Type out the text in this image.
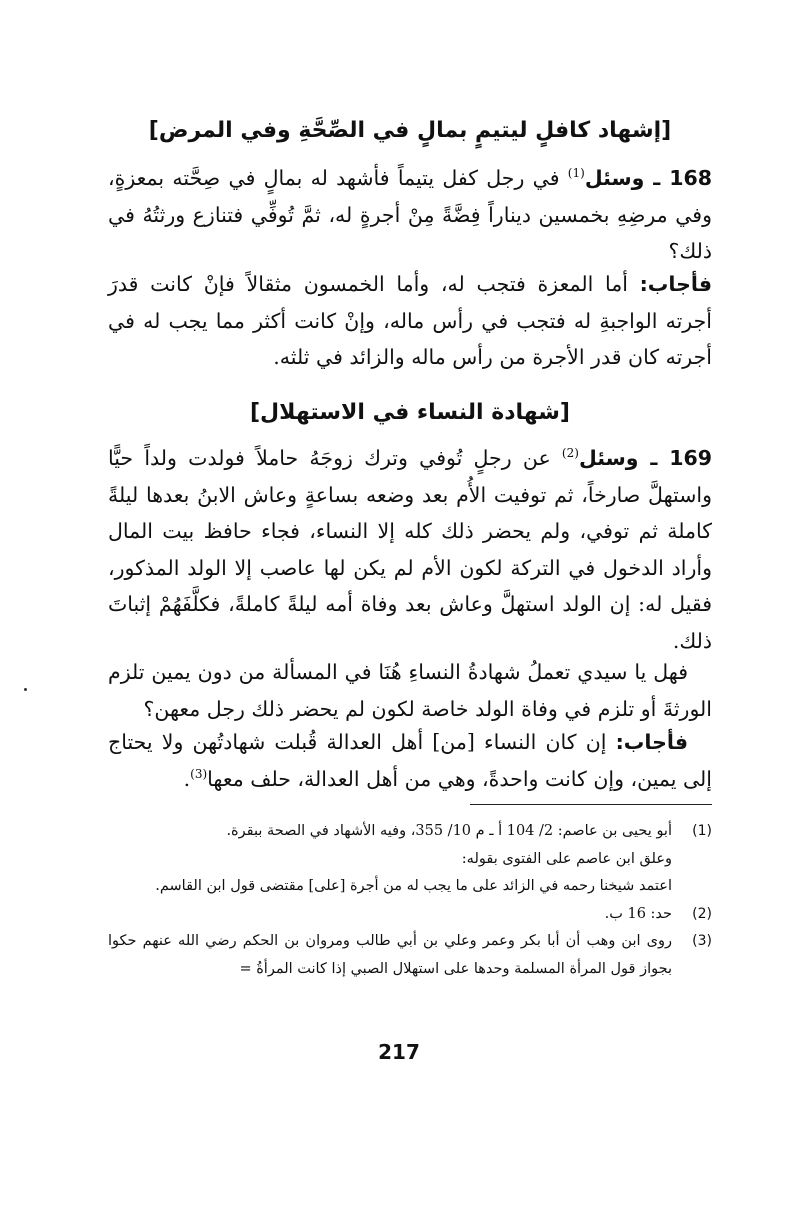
[إشهاد كافلٍ ليتيمٍ بمالٍ في الصِّحَّةِ وفي المرض]

168 ـ وسئل$^{(1)}$ في رجل كفل يتيماً فأشهد له بمالٍ في صِحَّته بمعزةٍ، وفي مرضِهِ بخمسين ديناراً فِضَّةً مِنْ أجرةٍ له، ثمَّ تُوفِّي فتنازع ورثتُهُ في ذلك؟

فأجاب: أما المعزة فتجب له، وأما الخمسون مثقالاً فإنْ كانت قدرَ أجرته الواجبةِ له فتجب في رأس ماله، وإنْ كانت أكثر مما يجب له في أجرته كان قدر الأجرة من رأس ماله والزائد في ثلثه.

[شهادة النساء في الاستهلال]

169 ـ وسئل$^{(2)}$ عن رجلٍ تُوفي وترك زوجَهُ حاملاً فولدت ولداً حيًّا واستهلَّ صارخاً، ثم توفيت الأُم بعد وضعه بساعةٍ وعاش الابنُ بعدها ليلةً كاملة ثم توفي، ولم يحضر ذلك كله إلا النساء، فجاء حافظ بيت المال وأراد الدخول في التركة لكون الأم لم يكن لها عاصب إلا الولد المذكور، فقيل له: إن الولد استهلَّ وعاش بعد وفاة أمه ليلةً كاملةً، فكلَّفَهُمْ إثباتَ ذلك.

فهل يا سيدي تعملُ شهادةُ النساءِ هُنَا في المسألة من دون يمين تلزم الورثةَ أو تلزم في وفاة الولد خاصة لكون لم يحضر ذلك رجل معهن؟

فأجاب: إن كان النساء [من] أهل العدالة قُبلت شهادتُهن ولا يحتاج إلى يمين، وإن كانت واحدةً، وهي من أهل العدالة، حلف معها$^{(3)}$.

(1)
أبو يحيى بن عاصم: 2/ 104 أ ـ م 10/ 355، وفيه الأشهاد في الصحة ببقرة.
وعلق ابن عاصم على الفتوى بقوله:
اعتمد شيخنا رحمه في الزائد على ما يجب له من أجرة [على] مقتضى قول ابن القاسم.
(2)
حد: 16 ب.
(3)
روى ابن وهب أن أبا بكر وعمر وعلي بن أبي طالب ومروان بن الحكم رضي الله عنهم حكوا بجواز قول المرأة المسلمة وحدها على استهلال الصبي إذا كانت المرأةُ =
217
